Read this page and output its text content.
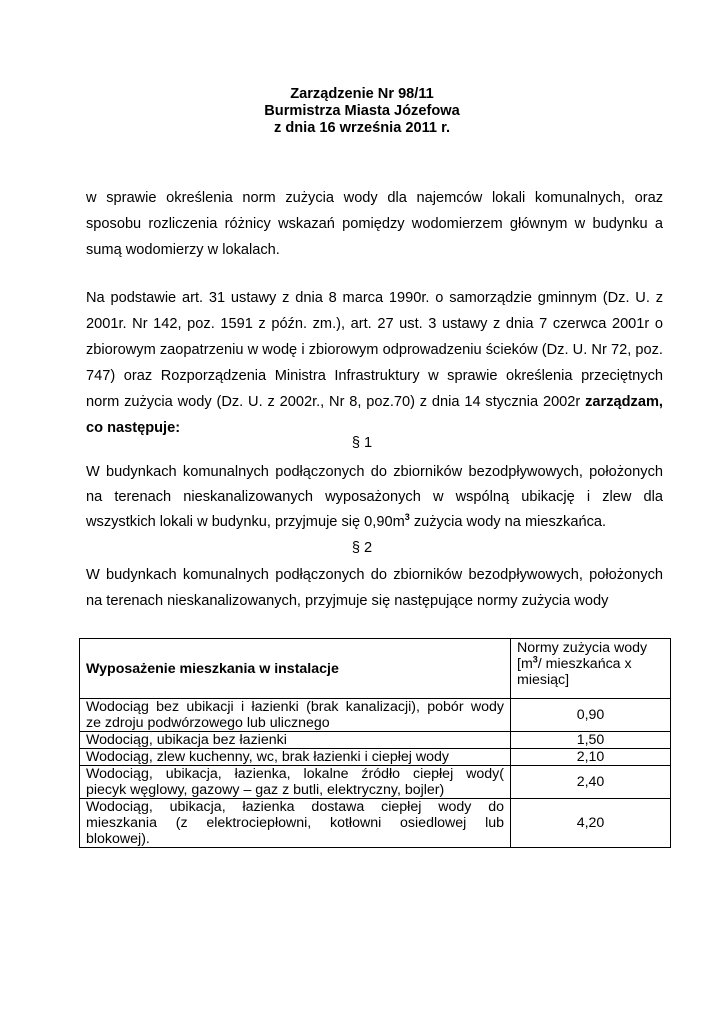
Zarządzenie Nr 98/11
Burmistrza Miasta Józefowa
z dnia 16 września 2011 r.
w sprawie określenia norm zużycia wody dla najemców lokali komunalnych, oraz
sposobu rozliczenia różnicy wskazań pomiędzy wodomierzem głównym w budynku a
sumą wodomierzy w lokalach.
Na podstawie art. 31 ustawy z dnia 8 marca 1990r. o samorządzie gminnym (Dz. U. z
2001r. Nr 142, poz. 1591 z późn. zm.), art. 27 ust. 3 ustawy z dnia 7 czerwca 2001r o
zbiorowym zaopatrzeniu w wodę i zbiorowym odprowadzeniu ścieków (Dz. U. Nr 72, poz.
747) oraz Rozporządzenia Ministra Infrastruktury w sprawie określenia przeciętnych
norm zużycia wody (Dz. U. z 2002r., Nr 8, poz.70) z dnia 14 stycznia 2002r zarządzam,
co następuje:
§ 1
W budynkach komunalnych podłączonych do zbiorników bezodpływowych, położonych
na terenach nieskanalizowanych wyposażonych w wspólną ubikację i zlew dla
wszystkich lokali w budynku, przyjmuje się $0,90m^3$ zużycia wody na mieszkańca.
§ 2
W budynkach komunalnych podłączonych do zbiorników bezodpływowych, położonych
na terenach nieskanalizowanych, przyjmuje się następujące normy zużycia wody
Wyposażenie mieszkania w instalacje	Normy zużycia wody
[$m^3/$ mieszkańca x
miesiąc]

Wodociąg bez ubikacji i łazienki (brak kanalizacji), pobór wody
ze zdroju podwórzowego lub ulicznego	0,90
Wodociąg, ubikacja bez łazienki	1,50
Wodociąg, zlew kuchenny, wc, brak łazienki i ciepłej wody	2,10

Wodociąg, ubikacja, łazienka, lokalne źródło ciepłej wody(
piecyk węglowy, gazowy – gaz z butli, elektryczny, bojler)	2,40

Wodociąg, ubikacja, łazienka dostawa ciepłej wody do
mieszkania (z elektrociepłowni, kotłowni osiedlowej lub
blokowej).	4,20
